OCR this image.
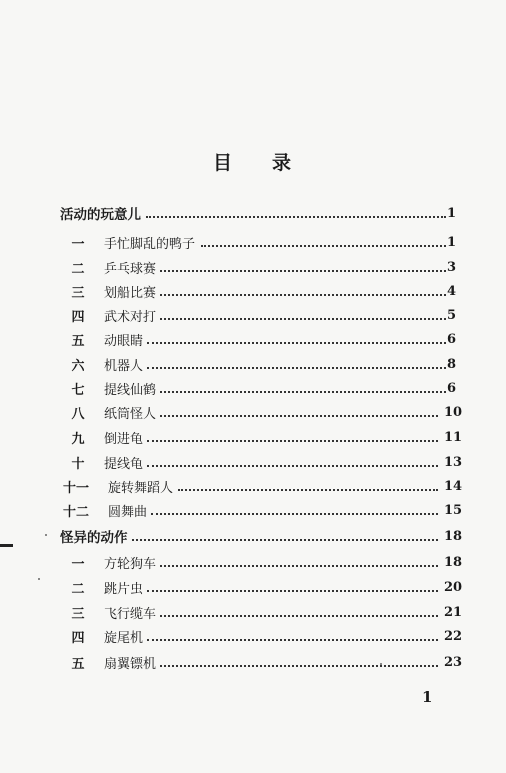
目 录
活动的玩意儿	1
一	手忙脚乱的鸭子	1
二	乒乓球赛	3
三	划船比赛	4
四	武术对打	5
五	动眼睛	6
六	机器人	8
七	提线仙鹤	6
八	纸筒怪人	10
九	倒进龟	11
十	提线龟	13
十一 旋转舞蹈人	14
十二 圆舞曲	15
怪异的动作	18
一	方轮狗车	18
二	跳片虫	20
三	飞行缆车	21
四	旋尾机	22
五	扇翼镖机	23
1
